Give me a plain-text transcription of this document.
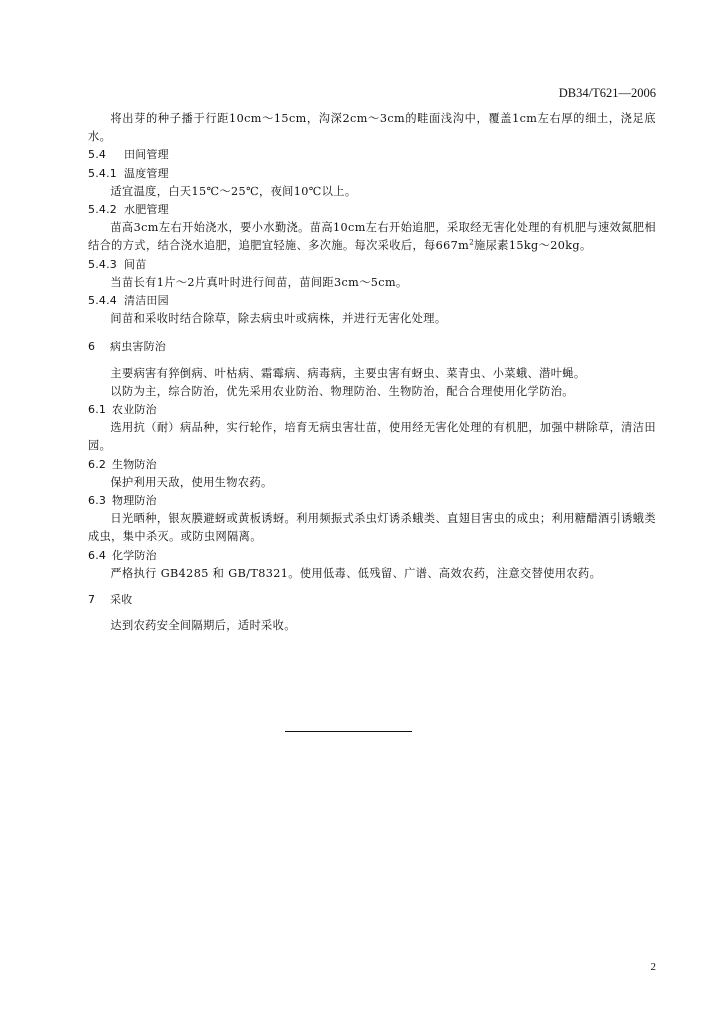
DB34/T621—2006

将出芽的种子播于行距10cm～15cm，沟深2cm～3cm的畦面浅沟中，覆盖1cm左右厚的细土，浇足底水。

5.4 田间管理
5.4.1 温度管理

适宜温度，白天15℃～25℃，夜间10℃以上。

5.4.2 水肥管理

苗高3cm左右开始浇水，要小水勤浇。苗高10cm左右开始追肥，采取经无害化处理的有机肥与速效氮肥相结合的方式，结合浇水追肥，追肥宜轻施、多次施。每次采收后，每$667m^2$施尿素15kg～20kg。

5.4.3 间苗

当苗长有1片～2片真叶时进行间苗，苗间距3cm～5cm。

5.4.4 清洁田园

间苗和采收时结合除草，除去病虫叶或病株，并进行无害化处理。

6 病虫害防治

主要病害有猝倒病、叶枯病、霜霉病、病毒病，主要虫害有蚜虫、菜青虫、小菜蛾、潜叶蝇。

以防为主，综合防治，优先采用农业防治、物理防治、生物防治，配合合理使用化学防治。

6.1 农业防治

选用抗（耐）病品种，实行轮作，培育无病虫害壮苗，使用经无害化处理的有机肥，加强中耕除草，清洁田园。

6.2 生物防治

保护利用天敌，使用生物农药。

6.3 物理防治

日光晒种，银灰膜避蚜或黄板诱蚜。利用频振式杀虫灯诱杀蛾类、直翅目害虫的成虫；利用糖醋酒引诱蛾类成虫，集中杀灭。或防虫网隔离。

6.4 化学防治

严格执行 GB4285 和 GB/T8321。使用低毒、低残留、广谱、高效农药，注意交替使用农药。

7 采收

达到农药安全间隔期后，适时采收。

2
